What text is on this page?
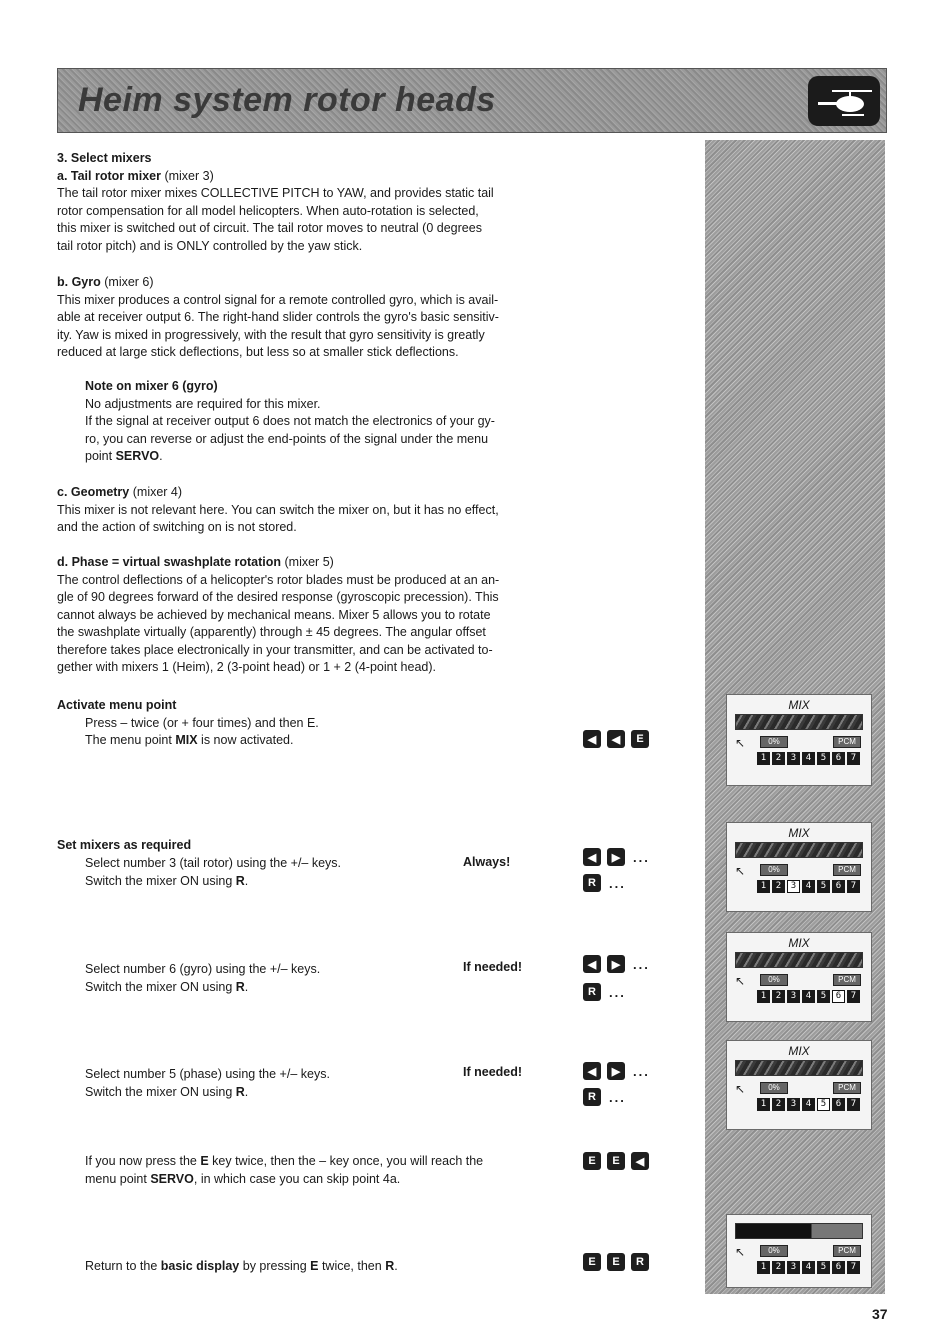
Heim system rotor heads

3. Select mixers

a. Tail rotor mixer (mixer 3)

The tail rotor mixer mixes COLLECTIVE PITCH to YAW, and provides static tail

rotor compensation for all model helicopters. When auto-rotation is selected,

this mixer is switched out of circuit. The tail rotor moves to neutral (0 degrees

tail rotor pitch) and is ONLY controlled by the yaw stick.

b. Gyro (mixer 6)

This mixer produces a control signal for a remote controlled gyro, which is avail-

able at receiver output 6. The right-hand slider controls the gyro's basic sensitiv-

ity. Yaw is mixed in progressively, with the result that gyro sensitivity is greatly

reduced at large stick deflections, but less so at smaller stick deflections.

Note on mixer 6 (gyro)

No adjustments are required for this mixer.

If the signal at receiver output 6 does not match the electronics of your gy-

ro, you can reverse or adjust the end-points of the signal under the menu

point SERVO.

c. Geometry (mixer 4)

This mixer is not relevant here. You can switch the mixer on, but it has no effect,

and the action of switching on is not stored.

d. Phase = virtual swashplate rotation (mixer 5)

The control deflections of a helicopter's rotor blades must be produced at an an-

gle of 90 degrees forward of the desired response (gyroscopic precession). This

cannot always be achieved by mechanical means. Mixer 5 allows you to rotate

the swashplate virtually (apparently) through ± 45 degrees. The angular offset

therefore takes place electronically in your transmitter, and can be activated to-

gether with mixers 1 (Heim), 2 (3-point head) or 1 + 2 (4-point head).

Activate menu point

Press – twice (or + four times) and then E.

The menu point MIX is now activated.	◀	◀	E
MIX
↖	0%	PCM
1	2	3	4	5	6	7

Set mixers as required

Select number 3 (tail rotor) using the +/– keys.
Switch the mixer ON using R.
Always!	◀	▶ ...
R	...
MIX
↖	0%	PCM
1	2	3	4	5	6	7
Select number 6 (gyro) using the +/– keys.
Switch the mixer ON using R.
If needed!	◀	▶ ...
R	...
MIX
↖	0%	PCM
1	2	3	4	5	6	7
Select number 5 (phase) using the +/– keys.
Switch the mixer ON using R.
If needed!	◀	▶ ...
R	...
MIX
↖	0%	PCM
1	2	3	4	5	6	7
If you now press the E key twice, then the – key once, you will reach the
menu point SERVO, in which case you can skip point 4a.
E	E	◀
Return to the basic display by pressing E twice, then R.	E	E	R
↖	0%	PCM
1	2	3	4	5	6	7
37
